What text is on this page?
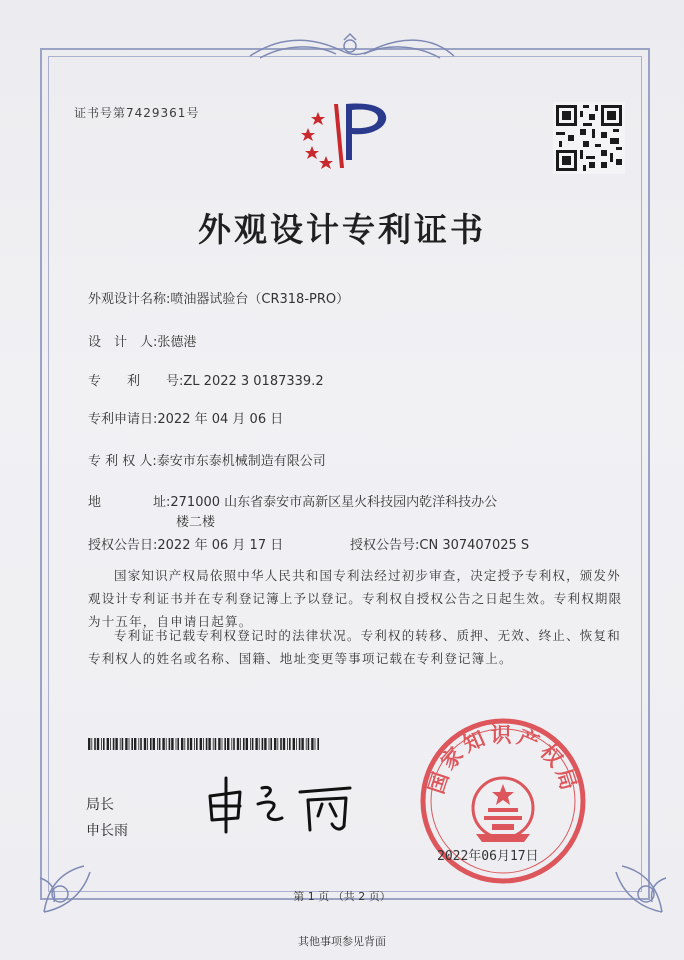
证书号第7429361号
外观设计专利证书
外观设计名称:喷油器试验台（CR318-PRO）
设　计　人:张德港
专　　利　　号:ZL 2022 3 0187339.2
专利申请日:2022 年 04 月 06 日
专 利 权 人:泰安市东泰机械制造有限公司
地　　　　址:271000 山东省泰安市高新区星火科技园内乾洋科技办公
楼二楼
授权公告日:2022 年 06 月 17 日	授权公告号:CN 307407025 S
国家知识产权局依照中华人民共和国专利法经过初步审查，决定授予专利权，颁发外观设计专利证书并在专利登记簿上予以登记。专利权自授权公告之日起生效。专利权期限为十五年，自申请日起算。
专利证书记载专利权登记时的法律状况。专利权的转移、质押、无效、终止、恢复和专利权人的姓名或名称、国籍、地址变更等事项记载在专利登记簿上。
局长
申长雨
国家知识产权局
2022年06月17日
第 1 页 （共 2 页）
其他事项参见背面
